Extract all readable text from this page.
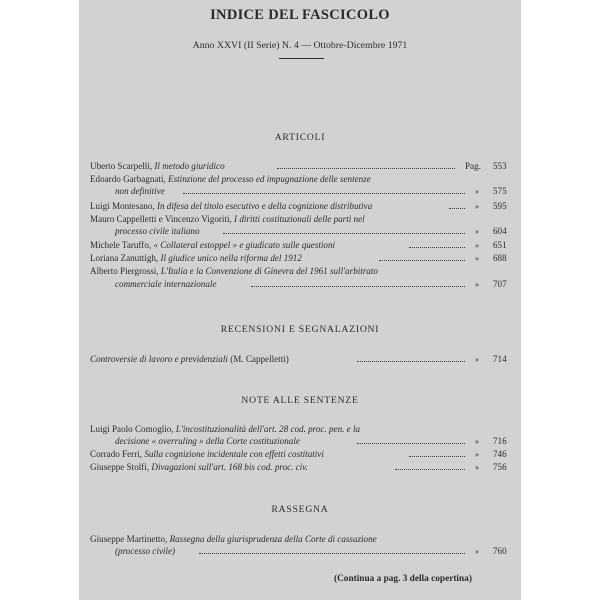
INDICE DEL FASCICOLO
Anno XXVI (II Serie) N. 4 — Ottobre-Dicembre 1971
ARTICOLI
Uberto Scarpelli, Il metodo giuridico	Pag. 553
Edoardo Garbagnati, Estinzione del processo ed impugnazione delle sentenze
non definitive	» 575
Luigi Montesano, In difesa del titolo esecutivo e della cognizione distributiva	» 595
Mauro Cappelletti e Vincenzo Vigoriti, I diritti costituzionali delle parti nel
processo civile italiano	» 604
Michele Taruffo, « Collateral estoppel » e giudicato sulle questioni	» 651
Loriana Zanuttigh, Il giudice unico nella riforma del 1912	» 688
Alberto Piergrossi, L'Italia e la Convenzione di Ginevra del 1961 sull'arbitrato
commerciale internazionale	» 707
RECENSIONI E SEGNALAZIONI
Controversie di lavoro e previdenziali (M. Cappelletti)	» 714
NOTE ALLE SENTENZE
Luigi Paolo Comoglio, L'incostituzionalità dell'art. 28 cod. proc. pen. e la
decisione « overruling » della Corte costituzionale	» 716
Corrado Ferri, Sulla cognizione incidentale con effetti costitutivi	» 746
Giuseppe Stolfi, Divagazioni sull'art. 168 bis cod. proc. civ.	» 756
RASSEGNA
Giuseppe Martinetto, Rassegna della giurisprudenza della Corte di cassazione
(processo civile)	» 760
(Continua a pag. 3 della copertina)
